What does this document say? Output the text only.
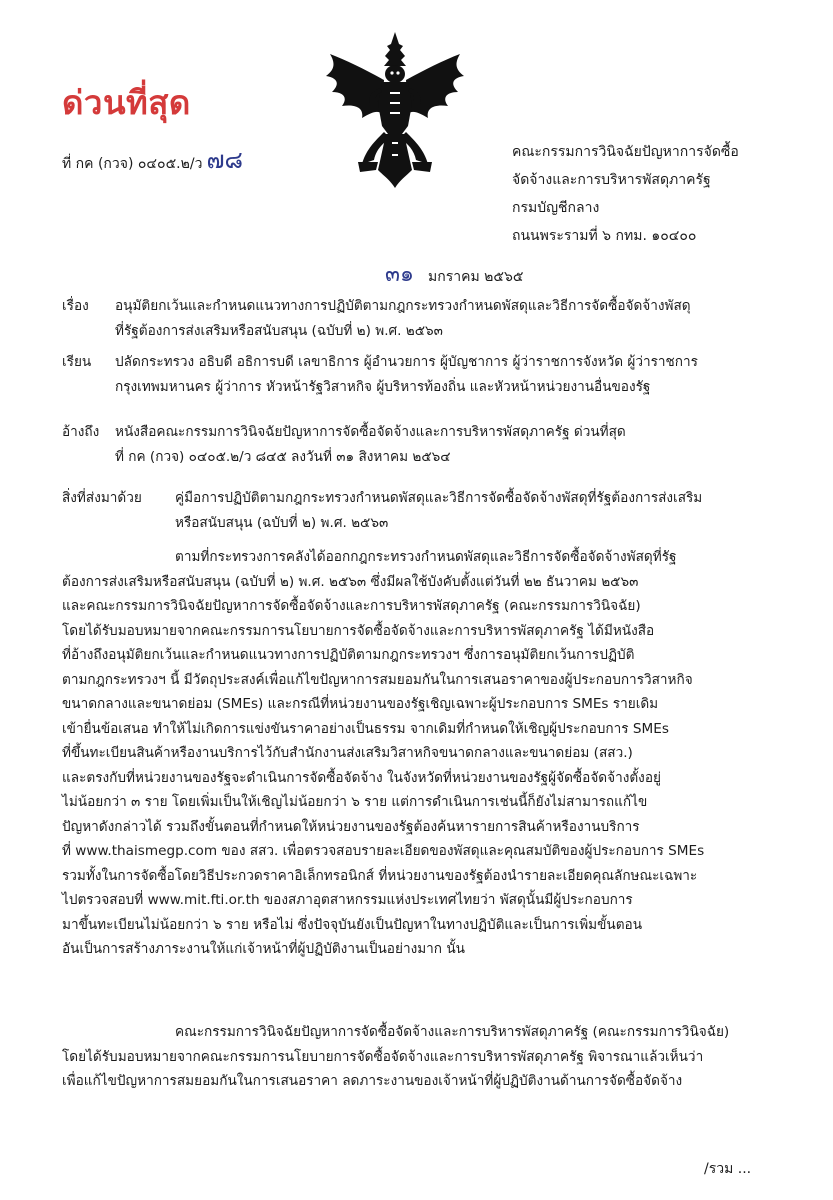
ด่วนที่สุด
ที่ กค (กวจ) ๐๔๐๕.๒/ว ๗๘	คณะกรรมการวินิจฉัยปัญหาการจัดซื้อ
จัดจ้างและการบริหารพัสดุภาครัฐ
กรมบัญชีกลาง
ถนนพระรามที่ ๖ กทม. ๑๐๔๐๐
๓๑ มกราคม ๒๕๖๕
เรื่อง อนุมัติยกเว้นและกำหนดแนวทางการปฏิบัติตามกฎกระทรวงกำหนดพัสดุและวิธีการจัดซื้อจัดจ้างพัสดุ
ที่รัฐต้องการส่งเสริมหรือสนับสนุน (ฉบับที่ ๒) พ.ศ. ๒๕๖๓
เรียน ปลัดกระทรวง อธิบดี อธิการบดี เลขาธิการ ผู้อำนวยการ ผู้บัญชาการ ผู้ว่าราชการจังหวัด ผู้ว่าราชการ
กรุงเทพมหานคร ผู้ว่าการ หัวหน้ารัฐวิสาหกิจ ผู้บริหารท้องถิ่น และหัวหน้าหน่วยงานอื่นของรัฐ
อ้างถึง หนังสือคณะกรรมการวินิจฉัยปัญหาการจัดซื้อจัดจ้างและการบริหารพัสดุภาครัฐ ด่วนที่สุด
ที่ กค (กวจ) ๐๔๐๕.๒/ว ๘๔๕ ลงวันที่ ๓๑ สิงหาคม ๒๕๖๔
สิ่งที่ส่งมาด้วย คู่มือการปฏิบัติตามกฎกระทรวงกำหนดพัสดุและวิธีการจัดซื้อจัดจ้างพัสดุที่รัฐต้องการส่งเสริม
หรือสนับสนุน (ฉบับที่ ๒) พ.ศ. ๒๕๖๓
ตามที่กระทรวงการคลังได้ออกกฎกระทรวงกำหนดพัสดุและวิธีการจัดซื้อจัดจ้างพัสดุที่รัฐ
ต้องการส่งเสริมหรือสนับสนุน (ฉบับที่ ๒) พ.ศ. ๒๕๖๓ ซึ่งมีผลใช้บังคับตั้งแต่วันที่ ๒๒ ธันวาคม ๒๕๖๓
และคณะกรรมการวินิจฉัยปัญหาการจัดซื้อจัดจ้างและการบริหารพัสดุภาครัฐ (คณะกรรมการวินิจฉัย)
โดยได้รับมอบหมายจากคณะกรรมการนโยบายการจัดซื้อจัดจ้างและการบริหารพัสดุภาครัฐ ได้มีหนังสือ
ที่อ้างถึงอนุมัติยกเว้นและกำหนดแนวทางการปฏิบัติตามกฎกระทรวงฯ ซึ่งการอนุมัติยกเว้นการปฏิบัติ
ตามกฎกระทรวงฯ นี้ มีวัตถุประสงค์เพื่อแก้ไขปัญหาการสมยอมกันในการเสนอราคาของผู้ประกอบการวิสาหกิจ
ขนาดกลางและขนาดย่อม (SMEs) และกรณีที่หน่วยงานของรัฐเชิญเฉพาะผู้ประกอบการ SMEs รายเดิม
เข้ายื่นข้อเสนอ ทำให้ไม่เกิดการแข่งขันราคาอย่างเป็นธรรม จากเดิมที่กำหนดให้เชิญผู้ประกอบการ SMEs
ที่ขึ้นทะเบียนสินค้าหรืองานบริการไว้กับสำนักงานส่งเสริมวิสาหกิจขนาดกลางและขนาดย่อม (สสว.)
และตรงกับที่หน่วยงานของรัฐจะดำเนินการจัดซื้อจัดจ้าง ในจังหวัดที่หน่วยงานของรัฐผู้จัดซื้อจัดจ้างตั้งอยู่
ไม่น้อยกว่า ๓ ราย โดยเพิ่มเป็นให้เชิญไม่น้อยกว่า ๖ ราย แต่การดำเนินการเช่นนี้ก็ยังไม่สามารถแก้ไข
ปัญหาดังกล่าวได้ รวมถึงขั้นตอนที่กำหนดให้หน่วยงานของรัฐต้องค้นหารายการสินค้าหรืองานบริการ
ที่ www.thaismegp.com ของ สสว. เพื่อตรวจสอบรายละเอียดของพัสดุและคุณสมบัติของผู้ประกอบการ SMEs
รวมทั้งในการจัดซื้อโดยวิธีประกวดราคาอิเล็กทรอนิกส์ ที่หน่วยงานของรัฐต้องนำรายละเอียดคุณลักษณะเฉพาะ
ไปตรวจสอบที่ www.mit.fti.or.th ของสภาอุตสาหกรรมแห่งประเทศไทยว่า พัสดุนั้นมีผู้ประกอบการ
มาขึ้นทะเบียนไม่น้อยกว่า ๖ ราย หรือไม่ ซึ่งปัจจุบันยังเป็นปัญหาในทางปฏิบัติและเป็นการเพิ่มขั้นตอน
อันเป็นการสร้างภาระงานให้แก่เจ้าหน้าที่ผู้ปฏิบัติงานเป็นอย่างมาก นั้น
คณะกรรมการวินิจฉัยปัญหาการจัดซื้อจัดจ้างและการบริหารพัสดุภาครัฐ (คณะกรรมการวินิจฉัย)
โดยได้รับมอบหมายจากคณะกรรมการนโยบายการจัดซื้อจัดจ้างและการบริหารพัสดุภาครัฐ พิจารณาแล้วเห็นว่า
เพื่อแก้ไขปัญหาการสมยอมกันในการเสนอราคา ลดภาระงานของเจ้าหน้าที่ผู้ปฏิบัติงานด้านการจัดซื้อจัดจ้าง
/รวม ...
